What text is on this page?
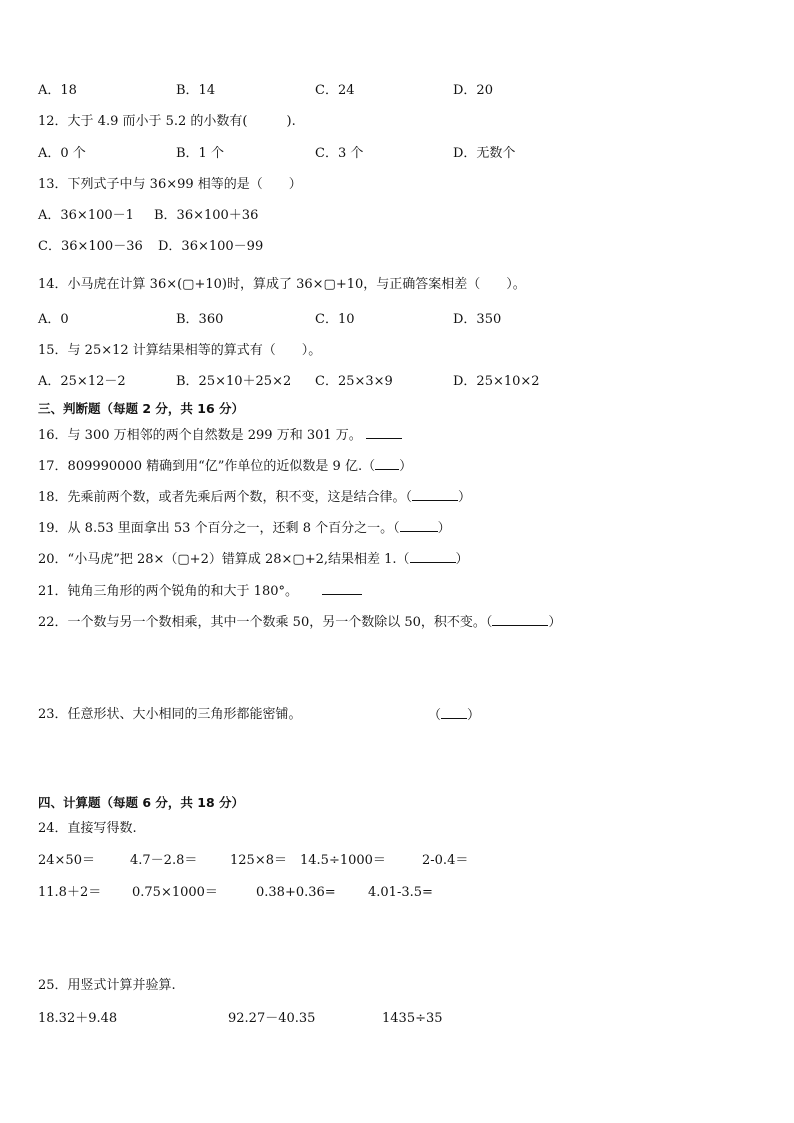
A．18	B．14	C．24	D．20
12．大于 4.9 而小于 5.2 的小数有(　　　).
A．0 个	B．1 个	C．3 个	D．无数个
13．下列式子中与 36×99 相等的是（　　）
A．36×100－1 B．36×100＋36
C．36×100－36 D．36×100－99
14．小马虎在计算 36×(▢+10)时，算成了 36×▢+10，与正确答案相差（　　）。
A．0	B．360	C．10	D．350
15．与 25×12 计算结果相等的算式有（　　）。
A．25×12－2	B．25×10＋25×2 C．25×3×9	D．25×10×2
三、判断题（每题 2 分，共 16 分）
16．与 300 万相邻的两个自然数是 299 万和 301 万。
17．809990000 精确到用“亿”作单位的近似数是 9 亿.（ ）
18．先乘前两个数，或者先乘后两个数，积不变，这是结合律。（	）
19．从 8.53 里面拿出 53 个百分之一，还剩 8 个百分之一。（	）
20．“小马虎”把 28×（▢+2）错算成 28×▢+2,结果相差 1.（	）
21．钝角三角形的两个锐角的和大于 180°。
22．一个数与另一个数相乘，其中一个数乘 50，另一个数除以 50，积不变。（	）
23．任意形状、大小相同的三角形都能密铺。	（ ）
四、计算题（每题 6 分，共 18 分）
24．直接写得数.
24×50＝	4.7－2.8＝	125×8＝ 14.5÷1000＝	2-0.4＝
11.8＋2＝ 0.75×1000＝	0.38+0.36= 4.01-3.5=
25．用竖式计算并验算.
18.32＋9.48	92.27－40.35	1435÷35
